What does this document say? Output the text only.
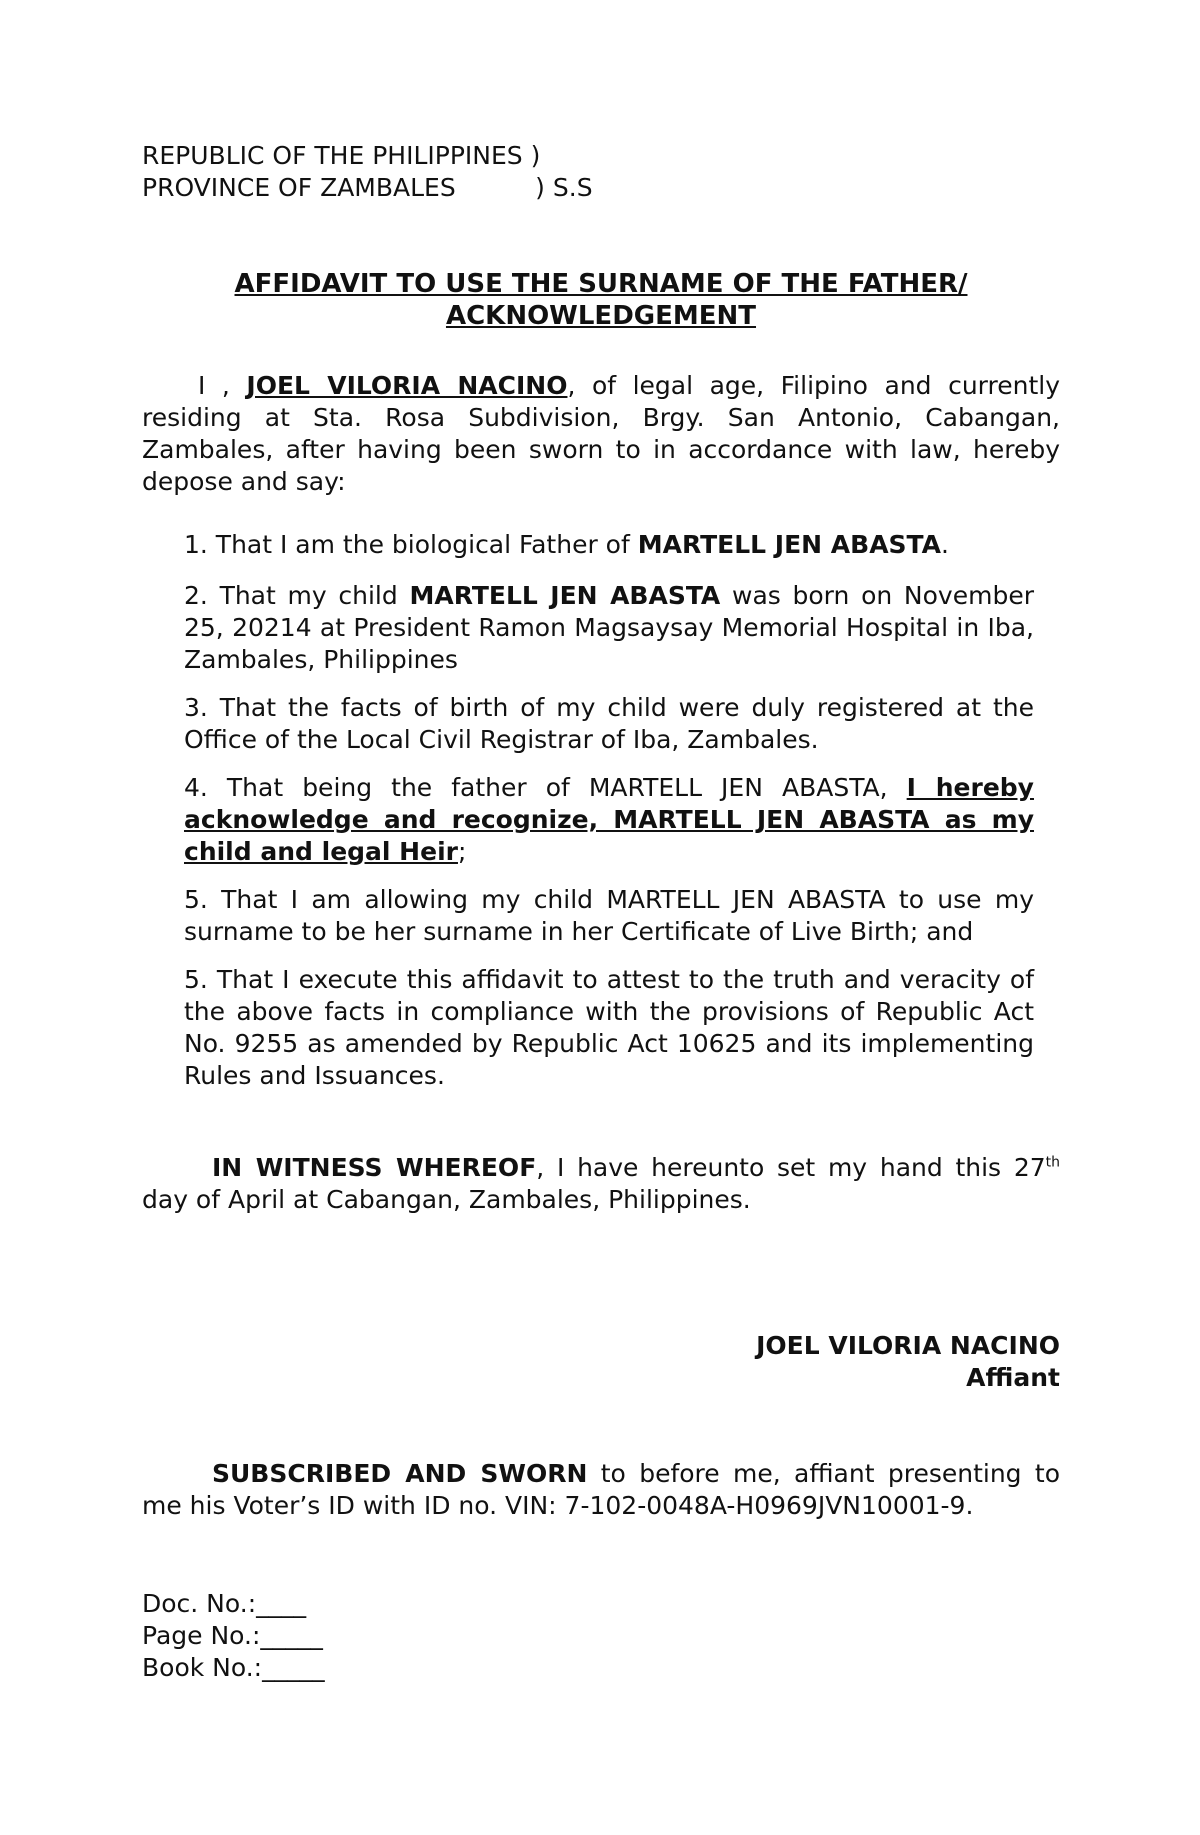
REPUBLIC OF THE PHILIPPINES )
PROVINCE OF ZAMBALES          ) S.S
AFFIDAVIT TO USE THE SURNAME OF THE FATHER/
ACKNOWLEDGEMENT
I , JOEL VILORIA NACINO, of legal age, Filipino and currently residing at Sta. Rosa Subdivision, Brgy. San Antonio, Cabangan, Zambales, after having been sworn to in accordance with law, hereby depose and say:
1. That I am the biological Father of MARTELL JEN ABASTA.
2. That my child MARTELL JEN ABASTA was born on November 25, 20214 at President Ramon Magsaysay Memorial Hospital in Iba, Zambales, Philippines
3. That the facts of birth of my child were duly registered at the Office of the Local Civil Registrar of Iba, Zambales.
4. That being the father of MARTELL JEN ABASTA, I hereby acknowledge and recognize, MARTELL JEN ABASTA as my child and legal Heir;
5. That I am allowing my child MARTELL JEN ABASTA to use my surname to be her surname in her Certificate of Live Birth; and
5. That I execute this affidavit to attest to the truth and veracity of the above facts in compliance with the provisions of Republic Act No. 9255 as amended by Republic Act 10625 and its implementing Rules and Issuances.
IN WITNESS WHEREOF, I have hereunto set my hand this 27th day of April at Cabangan, Zambales, Philippines.
JOEL VILORIA NACINO
Affiant
SUBSCRIBED AND SWORN to before me, affiant presenting to me his Voter’s ID with ID no. VIN: 7-102-0048A-H0969JVN10001-9.
Doc. No.:____
Page No.:_____
Book No.:_____
